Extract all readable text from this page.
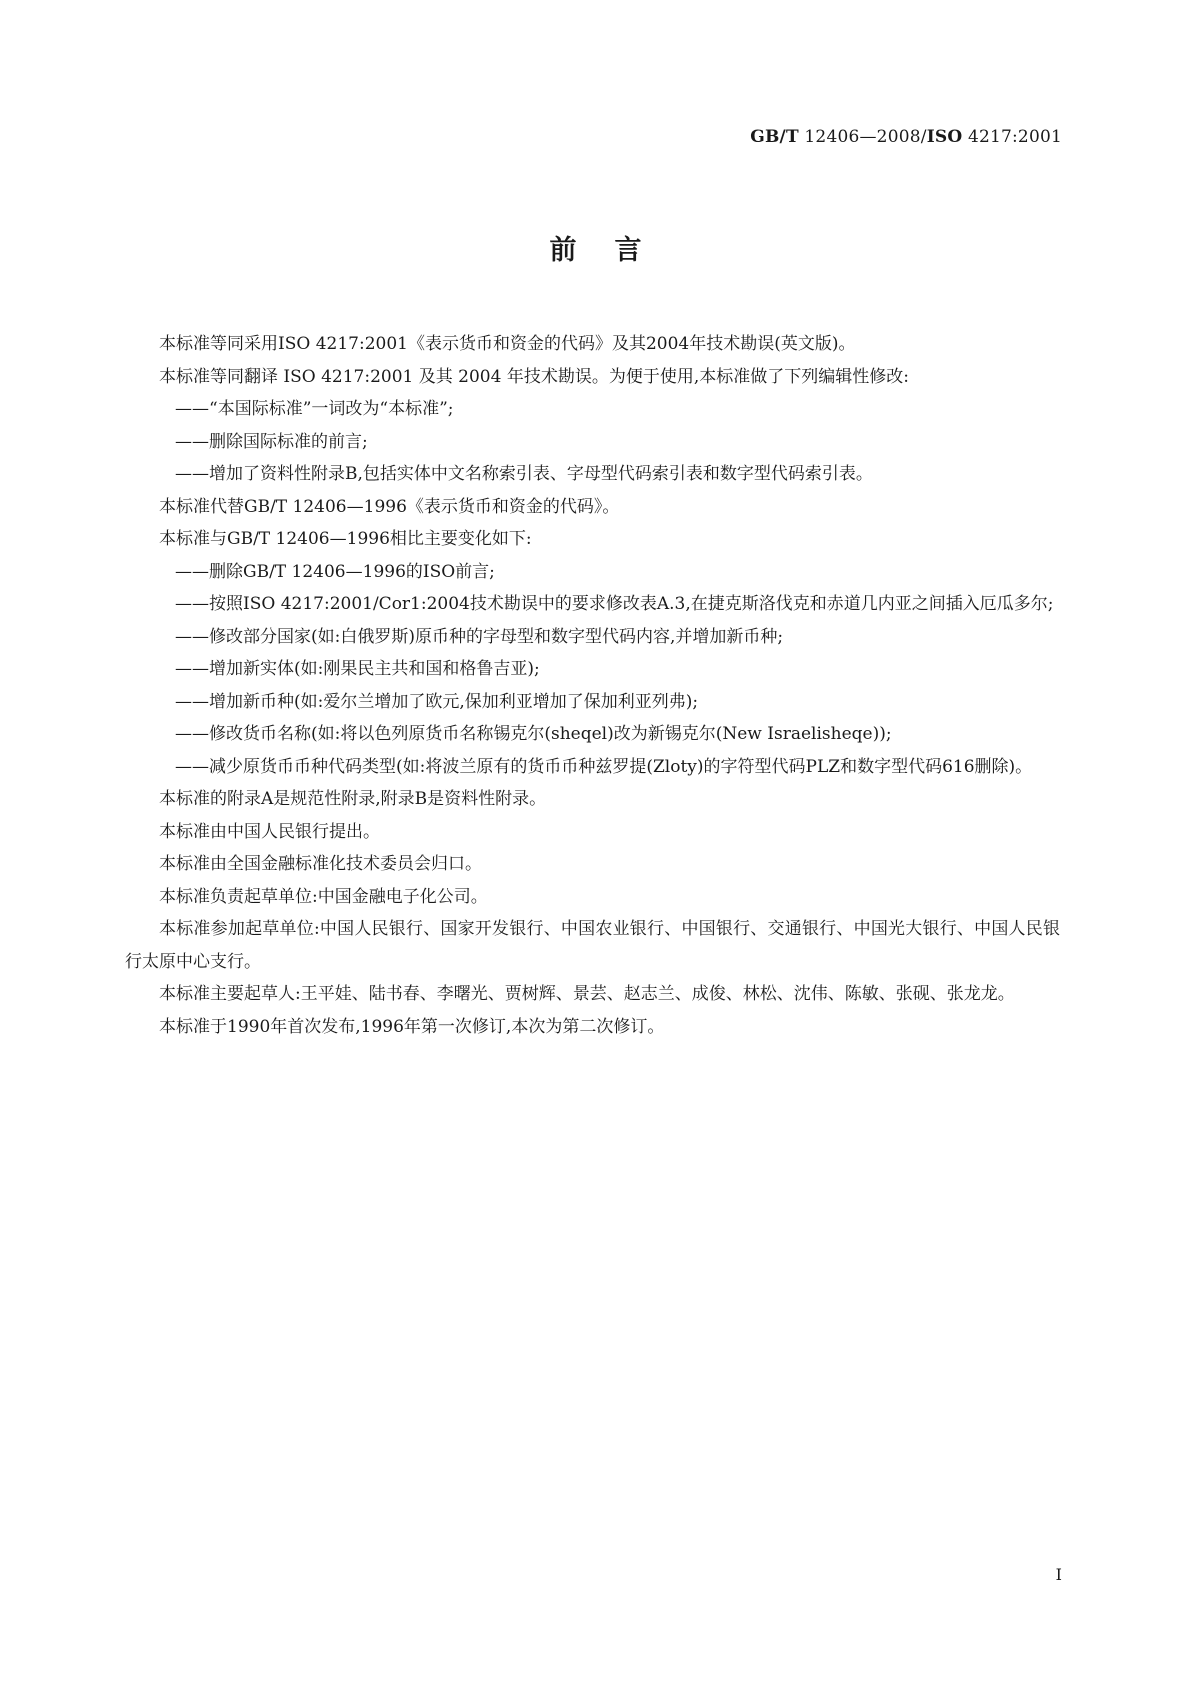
GB/T 12406—2008/ISO 4217:2001
前言

本标准等同采用ISO 4217:2001《表示货币和资金的代码》及其2004年技术勘误(英文版)。

本标准等同翻译 ISO 4217:2001 及其 2004 年技术勘误。为便于使用,本标准做了下列编辑性修改:

——“本国际标准”一词改为“本标准”;

——删除国际标准的前言;

——增加了资料性附录B,包括实体中文名称索引表、字母型代码索引表和数字型代码索引表。

本标准代替GB/T 12406—1996《表示货币和资金的代码》。

本标准与GB/T 12406—1996相比主要变化如下:

——删除GB/T 12406—1996的ISO前言;

——按照ISO 4217:2001/Cor1:2004技术勘误中的要求修改表A.3,在捷克斯洛伐克和赤道几内亚之间插入厄瓜多尔;

——修改部分国家(如:白俄罗斯)原币种的字母型和数字型代码内容,并增加新币种;

——增加新实体(如:刚果民主共和国和格鲁吉亚);

——增加新币种(如:爱尔兰增加了欧元,保加利亚增加了保加利亚列弗);

——修改货币名称(如:将以色列原货币名称锡克尔(sheqel)改为新锡克尔(New Israelisheqe));

——减少原货币币种代码类型(如:将波兰原有的货币币种兹罗提(Zloty)的字符型代码PLZ和数字型代码616删除)。

本标准的附录A是规范性附录,附录B是资料性附录。

本标准由中国人民银行提出。

本标准由全国金融标准化技术委员会归口。

本标准负责起草单位:中国金融电子化公司。

本标准参加起草单位:中国人民银行、国家开发银行、中国农业银行、中国银行、交通银行、中国光大银行、中国人民银行太原中心支行。

本标准主要起草人:王平娃、陆书春、李曙光、贾树辉、景芸、赵志兰、成俊、林松、沈伟、陈敏、张砚、张龙龙。

本标准于1990年首次发布,1996年第一次修订,本次为第二次修订。

I
